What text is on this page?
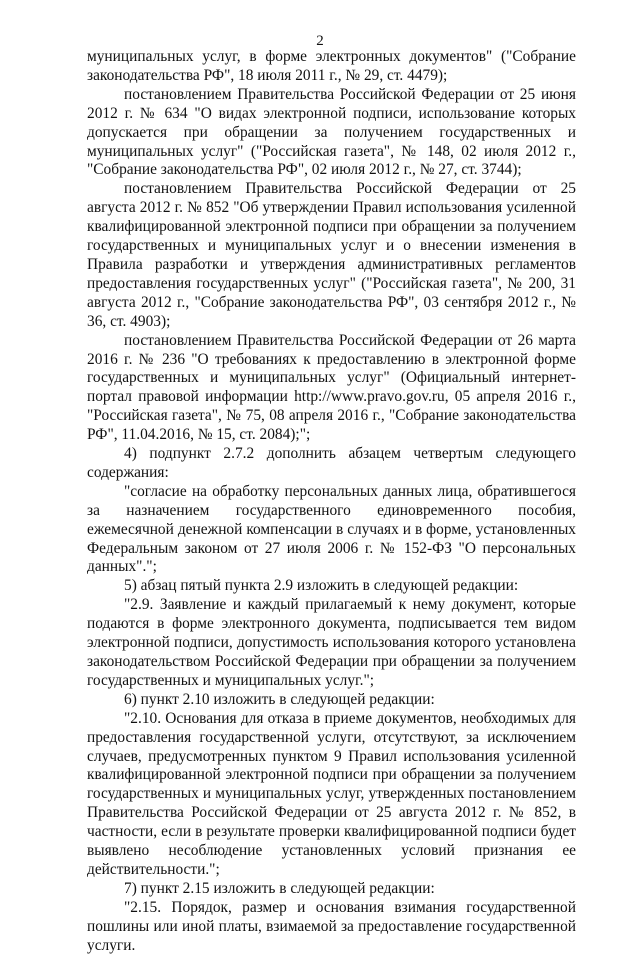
2

муниципальных услуг, в форме электронных документов" ("Собрание законодательства РФ", 18 июля 2011 г., № 29, ст. 4479);

постановлением Правительства Российской Федерации от 25 июня 2012 г. № 634 "О видах электронной подписи, использование которых допускается при обращении за получением государственных и муниципальных услуг" ("Российская газета", № 148, 02 июля 2012 г., "Собрание законодательства РФ", 02 июля 2012 г., № 27, ст. 3744);

постановлением Правительства Российской Федерации от 25 августа 2012 г. № 852 "Об утверждении Правил использования усиленной квалифицированной электронной подписи при обращении за получением государственных и муниципальных услуг и о внесении изменения в Правила разработки и утверждения административных регламентов предоставления государственных услуг" ("Российская газета", № 200, 31 августа 2012 г., "Собрание законодательства РФ", 03 сентября 2012 г., № 36, ст. 4903);

постановлением Правительства Российской Федерации от 26 марта 2016 г. № 236 "О требованиях к предоставлению в электронной форме государственных и муниципальных услуг" (Официальный интернет-портал правовой информации http://www.pravo.gov.ru, 05 апреля 2016 г., "Российская газета", № 75, 08 апреля 2016 г., "Собрание законодательства РФ", 11.04.2016, № 15, ст. 2084);";

4) подпункт 2.7.2 дополнить абзацем четвертым следующего содержания:

"согласие на обработку персональных данных лица, обратившегося за назначением государственного единовременного пособия, ежемесячной денежной компенсации в случаях и в форме, установленных Федеральным законом от 27 июля 2006 г. № 152-ФЗ "О персональных данных".";

5) абзац пятый пункта 2.9 изложить в следующей редакции:

"2.9. Заявление и каждый прилагаемый к нему документ, которые подаются в форме электронного документа, подписывается тем видом электронной подписи, допустимость использования которого установлена законодательством Российской Федерации при обращении за получением государственных и муниципальных услуг.";

6) пункт 2.10 изложить в следующей редакции:

"2.10. Основания для отказа в приеме документов, необходимых для предоставления государственной услуги, отсутствуют, за исключением случаев, предусмотренных пунктом 9 Правил использования усиленной квалифицированной электронной подписи при обращении за получением государственных и муниципальных услуг, утвержденных постановлением Правительства Российской Федерации от 25 августа 2012 г. № 852, в частности, если в результате проверки квалифицированной подписи будет выявлено несоблюдение установленных условий признания ее действительности.";

7) пункт 2.15 изложить в следующей редакции:

"2.15. Порядок, размер и основания взимания государственной пошлины или иной платы, взимаемой за предоставление государственной услуги.
